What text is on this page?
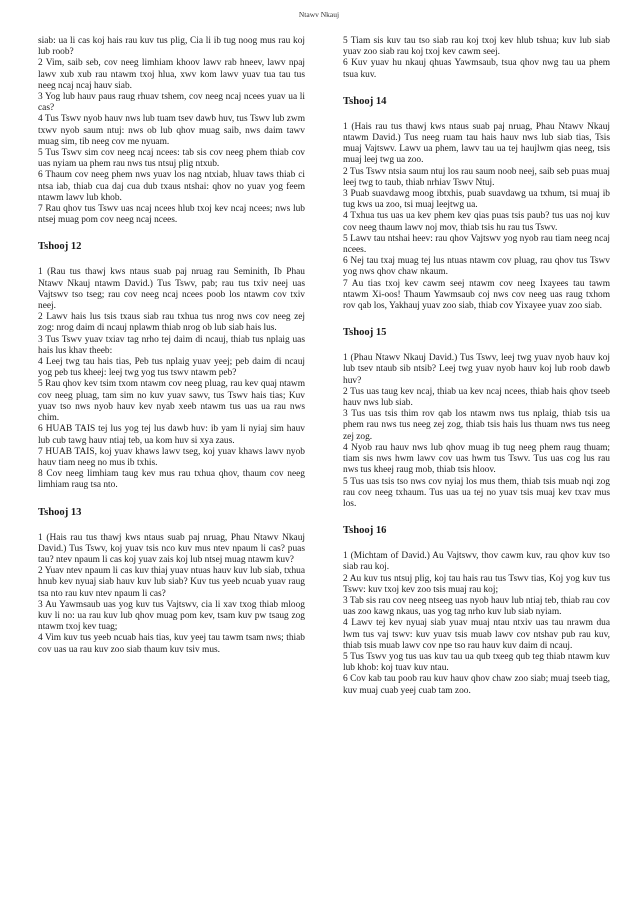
Ntawv Nkauj

siab: ua li cas koj hais rau kuv tus plig, Cia li ib tug noog mus rau koj lub roob?

2 Vim, saib seb, cov neeg limhiam khoov lawv rab hneev, lawv npaj lawv xub xub rau ntawm txoj hlua, xwv kom lawv yuav tua tau tus neeg ncaj ncaj hauv siab.

3 Yog lub hauv paus raug rhuav tshem, cov neeg ncaj ncees yuav ua li cas?

4 Tus Tswv nyob hauv nws lub tuam tsev dawb huv, tus Tswv lub zwm txwv nyob saum ntuj: nws ob lub qhov muag saib, nws daim tawv muag sim, tib neeg cov me nyuam.

5 Tus Tswv sim cov neeg ncaj ncees: tab sis cov neeg phem thiab cov uas nyiam ua phem rau nws tus ntsuj plig ntxub.

6 Thaum cov neeg phem nws yuav los nag ntxiab, hluav taws thiab ci ntsa iab, thiab cua daj cua dub txaus ntshai: qhov no yuav yog feem ntawm lawv lub khob.

7 Rau qhov tus Tswv uas ncaj ncees hlub txoj kev ncaj ncees; nws lub ntsej muag pom cov neeg ncaj ncees.

Tshooj 12

1 (Rau tus thawj kws ntaus suab paj nruag rau Seminith, Ib Phau Ntawv Nkauj ntawm David.) Tus Tswv, pab; rau tus txiv neej uas Vajtswv tso tseg; rau cov neeg ncaj ncees poob los ntawm cov txiv neej.

2 Lawv hais lus tsis txaus siab rau txhua tus nrog nws cov neeg zej zog: nrog daim di ncauj nplawm thiab nrog ob lub siab hais lus.

3 Tus Tswv yuav txiav tag nrho tej daim di ncauj, thiab tus nplaig uas hais lus khav theeb:

4 Leej twg tau hais tias, Peb tus nplaig yuav yeej; peb daim di ncauj yog peb tus kheej: leej twg yog tus tswv ntawm peb?

5 Rau qhov kev tsim txom ntawm cov neeg pluag, rau kev quaj ntawm cov neeg pluag, tam sim no kuv yuav sawv, tus Tswv hais tias; Kuv yuav tso nws nyob hauv kev nyab xeeb ntawm tus uas ua rau nws chim.

6 HUAB TAIS tej lus yog tej lus dawb huv: ib yam li nyiaj sim hauv lub cub tawg hauv ntiaj teb, ua kom huv si xya zaus.

7 HUAB TAIS, koj yuav khaws lawv tseg, koj yuav khaws lawv nyob hauv tiam neeg no mus ib txhis.

8 Cov neeg limhiam taug kev mus rau txhua qhov, thaum cov neeg limhiam raug tsa nto.

Tshooj 13

1 (Hais rau tus thawj kws ntaus suab paj nruag, Phau Ntawv Nkauj David.) Tus Tswv, koj yuav tsis nco kuv mus ntev npaum li cas? puas tau? ntev npaum li cas koj yuav zais koj lub ntsej muag ntawm kuv?

2 Yuav ntev npaum li cas kuv thiaj yuav ntuas hauv kuv lub siab, txhua hnub kev nyuaj siab hauv kuv lub siab? Kuv tus yeeb ncuab yuav raug tsa nto rau kuv ntev npaum li cas?

3 Au Yawmsaub uas yog kuv tus Vajtswv, cia li xav txog thiab mloog kuv li no: ua rau kuv lub qhov muag pom kev, tsam kuv pw tsaug zog ntawm txoj kev tuag;

4 Vim kuv tus yeeb ncuab hais tias, kuv yeej tau tawm tsam nws; thiab cov uas ua rau kuv zoo siab thaum kuv tsiv mus.

5 Tiam sis kuv tau tso siab rau koj txoj kev hlub tshua; kuv lub siab yuav zoo siab rau koj txoj kev cawm seej.

6 Kuv yuav hu nkauj qhuas Yawmsaub, tsua qhov nwg tau ua phem tsua kuv.

Tshooj 14

1 (Hais rau tus thawj kws ntaus suab paj nruag, Phau Ntawv Nkauj ntawm David.) Tus neeg ruam tau hais hauv nws lub siab tias, Tsis muaj Vajtswv. Lawv ua phem, lawv tau ua tej haujlwm qias neeg, tsis muaj leej twg ua zoo.

2 Tus Tswv ntsia saum ntuj los rau saum noob neej, saib seb puas muaj leej twg to taub, thiab nrhiav Tswv Ntuj.

3 Puab suavdawg moog ibtxhis, puab suavdawg ua txhum, tsi muaj ib tug kws ua zoo, tsi muaj leejtwg ua.

4 Txhua tus uas ua kev phem kev qias puas tsis paub? tus uas noj kuv cov neeg thaum lawv noj mov, thiab tsis hu rau tus Tswv.

5 Lawv tau ntshai heev: rau qhov Vajtswv yog nyob rau tiam neeg ncaj ncees.

6 Nej tau txaj muag tej lus ntuas ntawm cov pluag, rau qhov tus Tswv yog nws qhov chaw nkaum.

7 Au tias txoj kev cawm seej ntawm cov neeg Ixayees tau tawm ntawm Xi-oos! Thaum Yawmsaub coj nws cov neeg uas raug txhom rov qab los, Yakhauj yuav zoo siab, thiab cov Yixayee yuav zoo siab.

Tshooj 15

1 (Phau Ntawv Nkauj David.) Tus Tswv, leej twg yuav nyob hauv koj lub tsev ntaub sib ntsib? Leej twg yuav nyob hauv koj lub roob dawb huv?

2 Tus uas taug kev ncaj, thiab ua kev ncaj ncees, thiab hais qhov tseeb hauv nws lub siab.

3 Tus uas tsis thim rov qab los ntawm nws tus nplaig, thiab tsis ua phem rau nws tus neeg zej zog, thiab tsis hais lus thuam nws tus neeg zej zog.

4 Nyob rau hauv nws lub qhov muag ib tug neeg phem raug thuam; tiam sis nws hwm lawv cov uas hwm tus Tswv. Tus uas cog lus rau nws tus kheej raug mob, thiab tsis hloov.

5 Tus uas tsis tso nws cov nyiaj los mus them, thiab tsis muab nqi zog rau cov neeg txhaum. Tus uas ua tej no yuav tsis muaj kev txav mus los.

Tshooj 16

1 (Michtam of David.) Au Vajtswv, thov cawm kuv, rau qhov kuv tso siab rau koj.

2 Au kuv tus ntsuj plig, koj tau hais rau tus Tswv tias, Koj yog kuv tus Tswv: kuv txoj kev zoo tsis muaj rau koj;

3 Tab sis rau cov neeg ntseeg uas nyob hauv lub ntiaj teb, thiab rau cov uas zoo kawg nkaus, uas yog tag nrho kuv lub siab nyiam.

4 Lawv tej kev nyuaj siab yuav muaj ntau ntxiv uas tau nrawm dua lwm tus vaj tswv: kuv yuav tsis muab lawv cov ntshav pub rau kuv, thiab tsis muab lawv cov npe tso rau hauv kuv daim di ncauj.

5 Tus Tswv yog tus uas kuv tau ua qub txeeg qub teg thiab ntawm kuv lub khob: koj tuav kuv ntau.

6 Cov kab tau poob rau kuv hauv qhov chaw zoo siab; muaj tseeb tiag, kuv muaj cuab yeej cuab tam zoo.
